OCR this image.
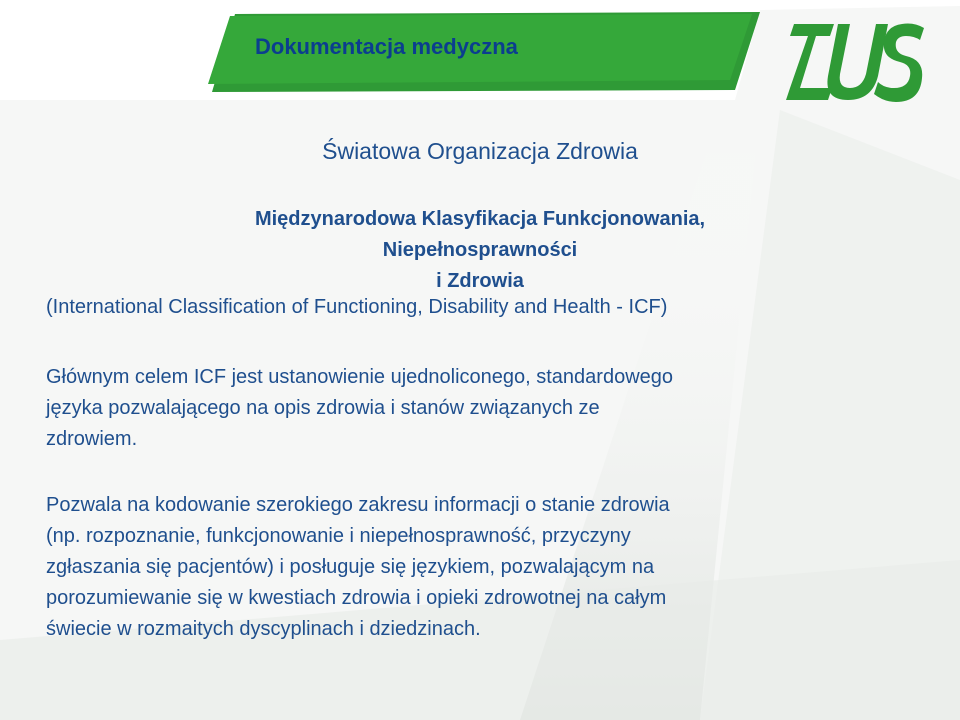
Dokumentacja medyczna
Światowa Organizacja Zdrowia
Międzynarodowa Klasyfikacja Funkcjonowania,
Niepełnosprawności
i Zdrowia
(International Classification of Functioning, Disability and Health - ICF)
Głównym celem ICF jest ustanowienie ujednoliconego, standardowego
języka pozwalającego na opis zdrowia i stanów związanych ze
zdrowiem.
Pozwala na kodowanie szerokiego zakresu informacji o stanie zdrowia
(np. rozpoznanie, funkcjonowanie i niepełnosprawność, przyczyny
zgłaszania się pacjentów) i posługuje się językiem, pozwalającym na
porozumiewanie się w kwestiach zdrowia i opieki zdrowotnej na całym
świecie w rozmaitych dyscyplinach i dziedzinach.
